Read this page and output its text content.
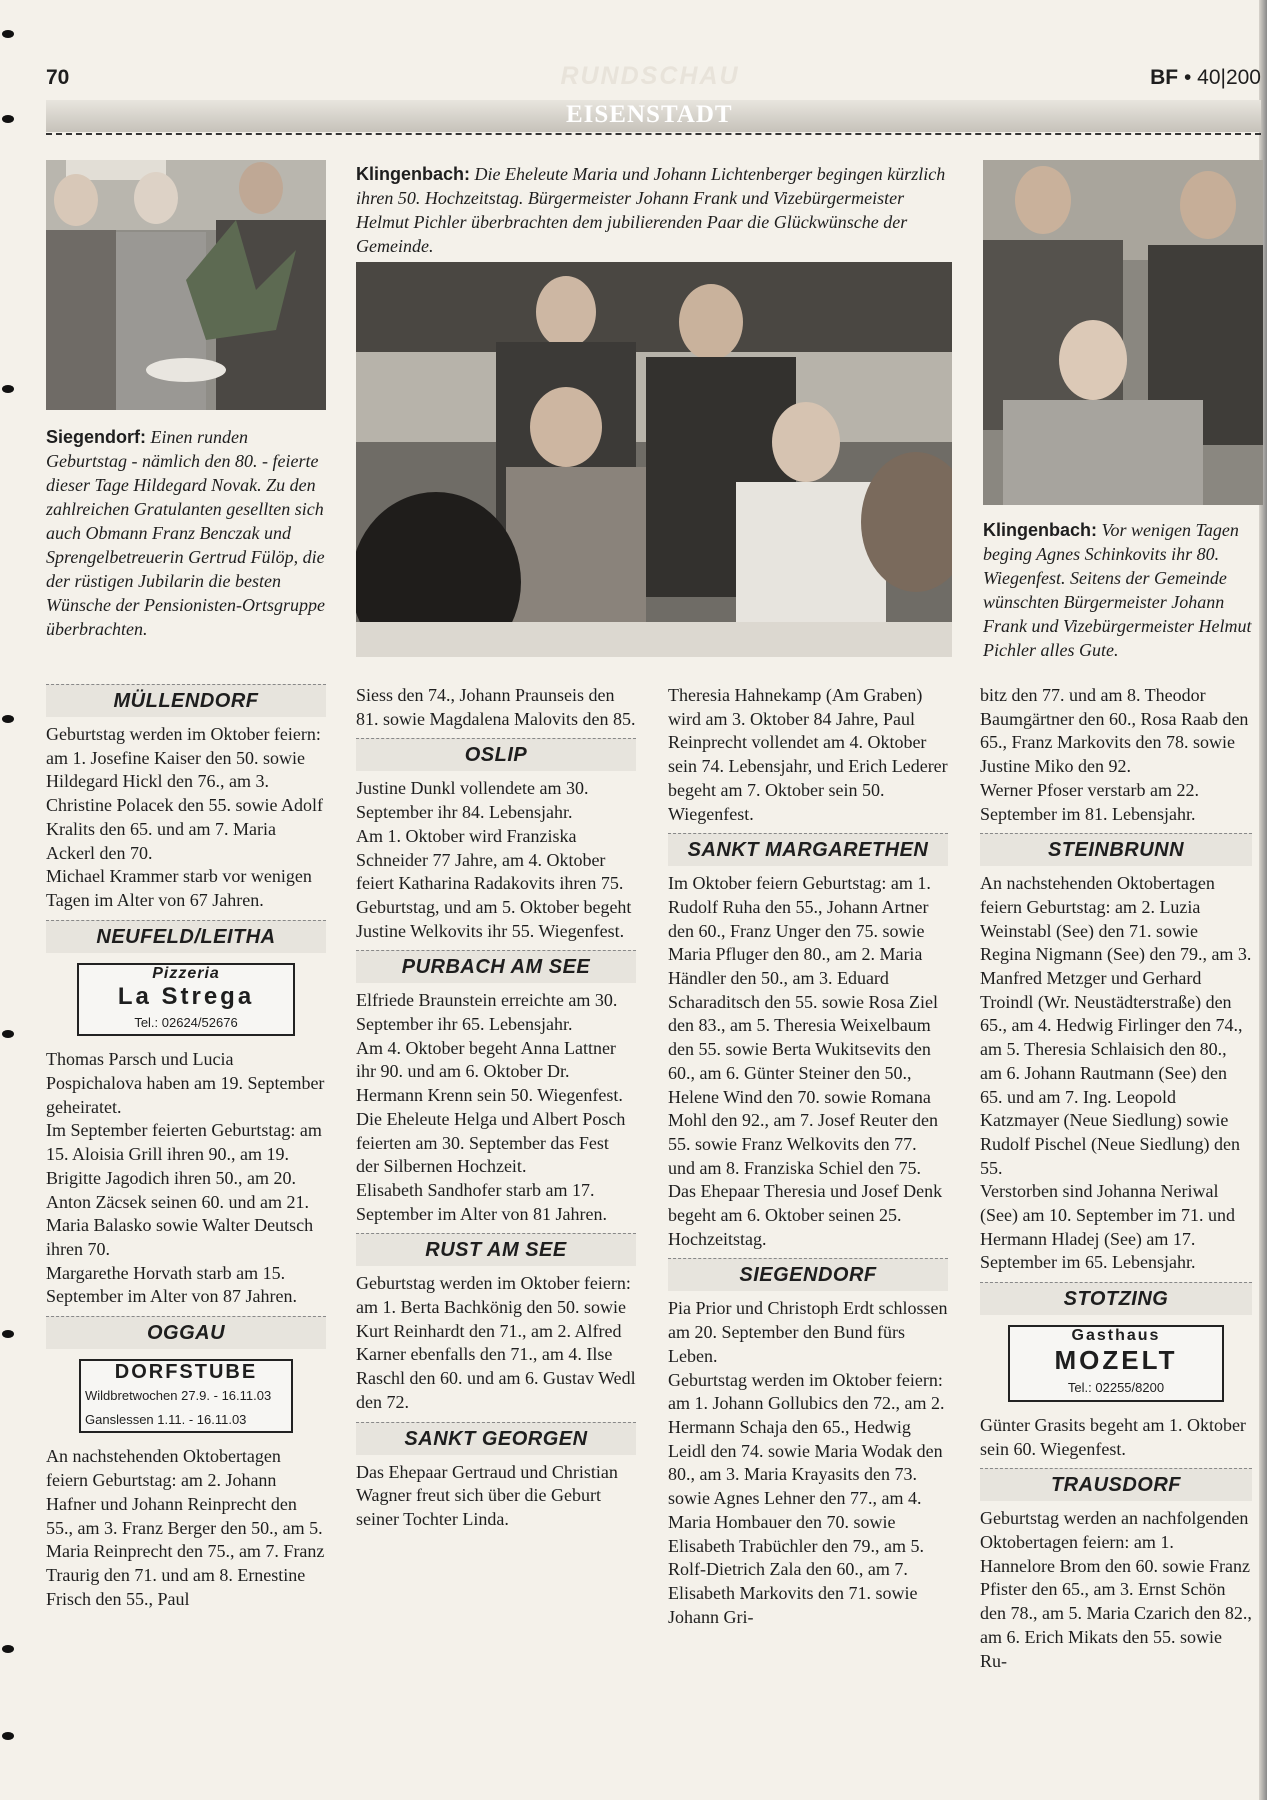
70	RUNDSCHAU	BF • 40|200
EISENSTADT
Siegendorf: Einen runden Geburtstag - nämlich den 80. - feierte dieser Tage Hildegard Novak. Zu den zahlreichen Gratulanten gesellten sich auch Obmann Franz Benczak und Sprengelbetreuerin Gertrud Fülöp, die der rüstigen Jubilarin die besten Wünsche der Pensionisten-Ortsgruppe überbrachten.
Klingenbach: Die Eheleute Maria und Johann Lichtenberger begingen kürzlich ihren 50. Hochzeitstag. Bürgermeister Johann Frank und Vizebürgermeister Helmut Pichler überbrachten dem jubilierenden Paar die Glückwünsche der Gemeinde.
Klingenbach: Vor wenigen Tagen beging Agnes Schinkovits ihr 80. Wiegenfest. Seitens der Gemeinde wünschten Bürgermeister Johann Frank und Vizebürgermeister Helmut Pichler alles Gute.
MÜLLENDORF

Geburtstag werden im Oktober feiern: am 1. Josefine Kaiser den 50. sowie Hildegard Hickl den 76., am 3. Christine Polacek den 55. sowie Adolf Kralits den 65. und am 7. Maria Ackerl den 70.

Michael Krammer starb vor wenigen Tagen im Alter von 67 Jahren.

NEUFELD/LEITHA
Pizzeria
La Strega
Tel.: 02624/52676

Thomas Parsch und Lucia Pospichalova haben am 19. September geheiratet.

Im September feierten Geburtstag: am 15. Aloisia Grill ihren 90., am 19. Brigitte Jagodich ihren 50., am 20. Anton Zäcsek seinen 60. und am 21. Maria Balasko sowie Walter Deutsch ihren 70.

Margarethe Horvath starb am 15. September im Alter von 87 Jahren.

OGGAU
DORFSTUBE
Wildbretwochen 27.9. - 16.11.03
Ganslessen 1.11. - 16.11.03

An nachstehenden Oktobertagen feiern Geburtstag: am 2. Johann Hafner und Johann Reinprecht den 55., am 3. Franz Berger den 50., am 5. Maria Reinprecht den 75., am 7. Franz Traurig den 71. und am 8. Ernestine Frisch den 55., Paul

Siess den 74., Johann Praunseis den 81. sowie Magdalena Malovits den 85.

OSLIP

Justine Dunkl vollendete am 30. September ihr 84. Lebensjahr.

Am 1. Oktober wird Franziska Schneider 77 Jahre, am 4. Oktober feiert Katharina Radakovits ihren 75. Geburtstag, und am 5. Oktober begeht Justine Welkovits ihr 55. Wiegenfest.

PURBACH AM SEE

Elfriede Braunstein erreichte am 30. September ihr 65. Lebensjahr.

Am 4. Oktober begeht Anna Lattner ihr 90. und am 6. Oktober Dr. Hermann Krenn sein 50. Wiegenfest.

Die Eheleute Helga und Albert Posch feierten am 30. September das Fest der Silbernen Hochzeit.

Elisabeth Sandhofer starb am 17. September im Alter von 81 Jahren.

RUST AM SEE

Geburtstag werden im Oktober feiern: am 1. Berta Bachkönig den 50. sowie Kurt Reinhardt den 71., am 2. Alfred Karner ebenfalls den 71., am 4. Ilse Raschl den 60. und am 6. Gustav Wedl den 72.

SANKT GEORGEN

Das Ehepaar Gertraud und Christian Wagner freut sich über die Geburt seiner Tochter Linda.

Theresia Hahnekamp (Am Graben) wird am 3. Oktober 84 Jahre, Paul Reinprecht vollendet am 4. Oktober sein 74. Lebensjahr, und Erich Lederer begeht am 7. Oktober sein 50. Wiegenfest.

SANKT MARGARETHEN

Im Oktober feiern Geburtstag: am 1. Rudolf Ruha den 55., Johann Artner den 60., Franz Unger den 75. sowie Maria Pfluger den 80., am 2. Maria Händler den 50., am 3. Eduard Scharaditsch den 55. sowie Rosa Ziel den 83., am 5. Theresia Weixelbaum den 55. sowie Berta Wukitsevits den 60., am 6. Günter Steiner den 50., Helene Wind den 70. sowie Romana Mohl den 92., am 7. Josef Reuter den 55. sowie Franz Welkovits den 77. und am 8. Franziska Schiel den 75.

Das Ehepaar Theresia und Josef Denk begeht am 6. Oktober seinen 25. Hochzeitstag.

SIEGENDORF

Pia Prior und Christoph Erdt schlossen am 20. September den Bund fürs Leben.

Geburtstag werden im Oktober feiern: am 1. Johann Gollubics den 72., am 2. Hermann Schaja den 65., Hedwig Leidl den 74. sowie Maria Wodak den 80., am 3. Maria Krayasits den 73. sowie Agnes Lehner den 77., am 4. Maria Hombauer den 70. sowie Elisabeth Trabüchler den 79., am 5. Rolf-Dietrich Zala den 60., am 7. Elisabeth Markovits den 71. sowie Johann Gri-

bitz den 77. und am 8. Theodor Baumgärtner den 60., Rosa Raab den 65., Franz Markovits den 78. sowie Justine Miko den 92.

Werner Pfoser verstarb am 22. September im 81. Lebensjahr.

STEINBRUNN

An nachstehenden Oktobertagen feiern Geburtstag: am 2. Luzia Weinstabl (See) den 71. sowie Regina Nigmann (See) den 79., am 3. Manfred Metzger und Gerhard Troindl (Wr. Neustädterstraße) den 65., am 4. Hedwig Firlinger den 74., am 5. Theresia Schlaisich den 80., am 6. Johann Rautmann (See) den 65. und am 7. Ing. Leopold Katzmayer (Neue Siedlung) sowie Rudolf Pischel (Neue Siedlung) den 55.

Verstorben sind Johanna Neriwal (See) am 10. September im 71. und Hermann Hladej (See) am 17. September im 65. Lebensjahr.

STOTZING
Gasthaus
MOZELT
Tel.: 02255/8200

Günter Grasits begeht am 1. Oktober sein 60. Wiegenfest.

TRAUSDORF

Geburtstag werden an nachfolgenden Oktobertagen feiern: am 1. Hannelore Brom den 60. sowie Franz Pfister den 65., am 3. Ernst Schön den 78., am 5. Maria Czarich den 82., am 6. Erich Mikats den 55. sowie Ru-
